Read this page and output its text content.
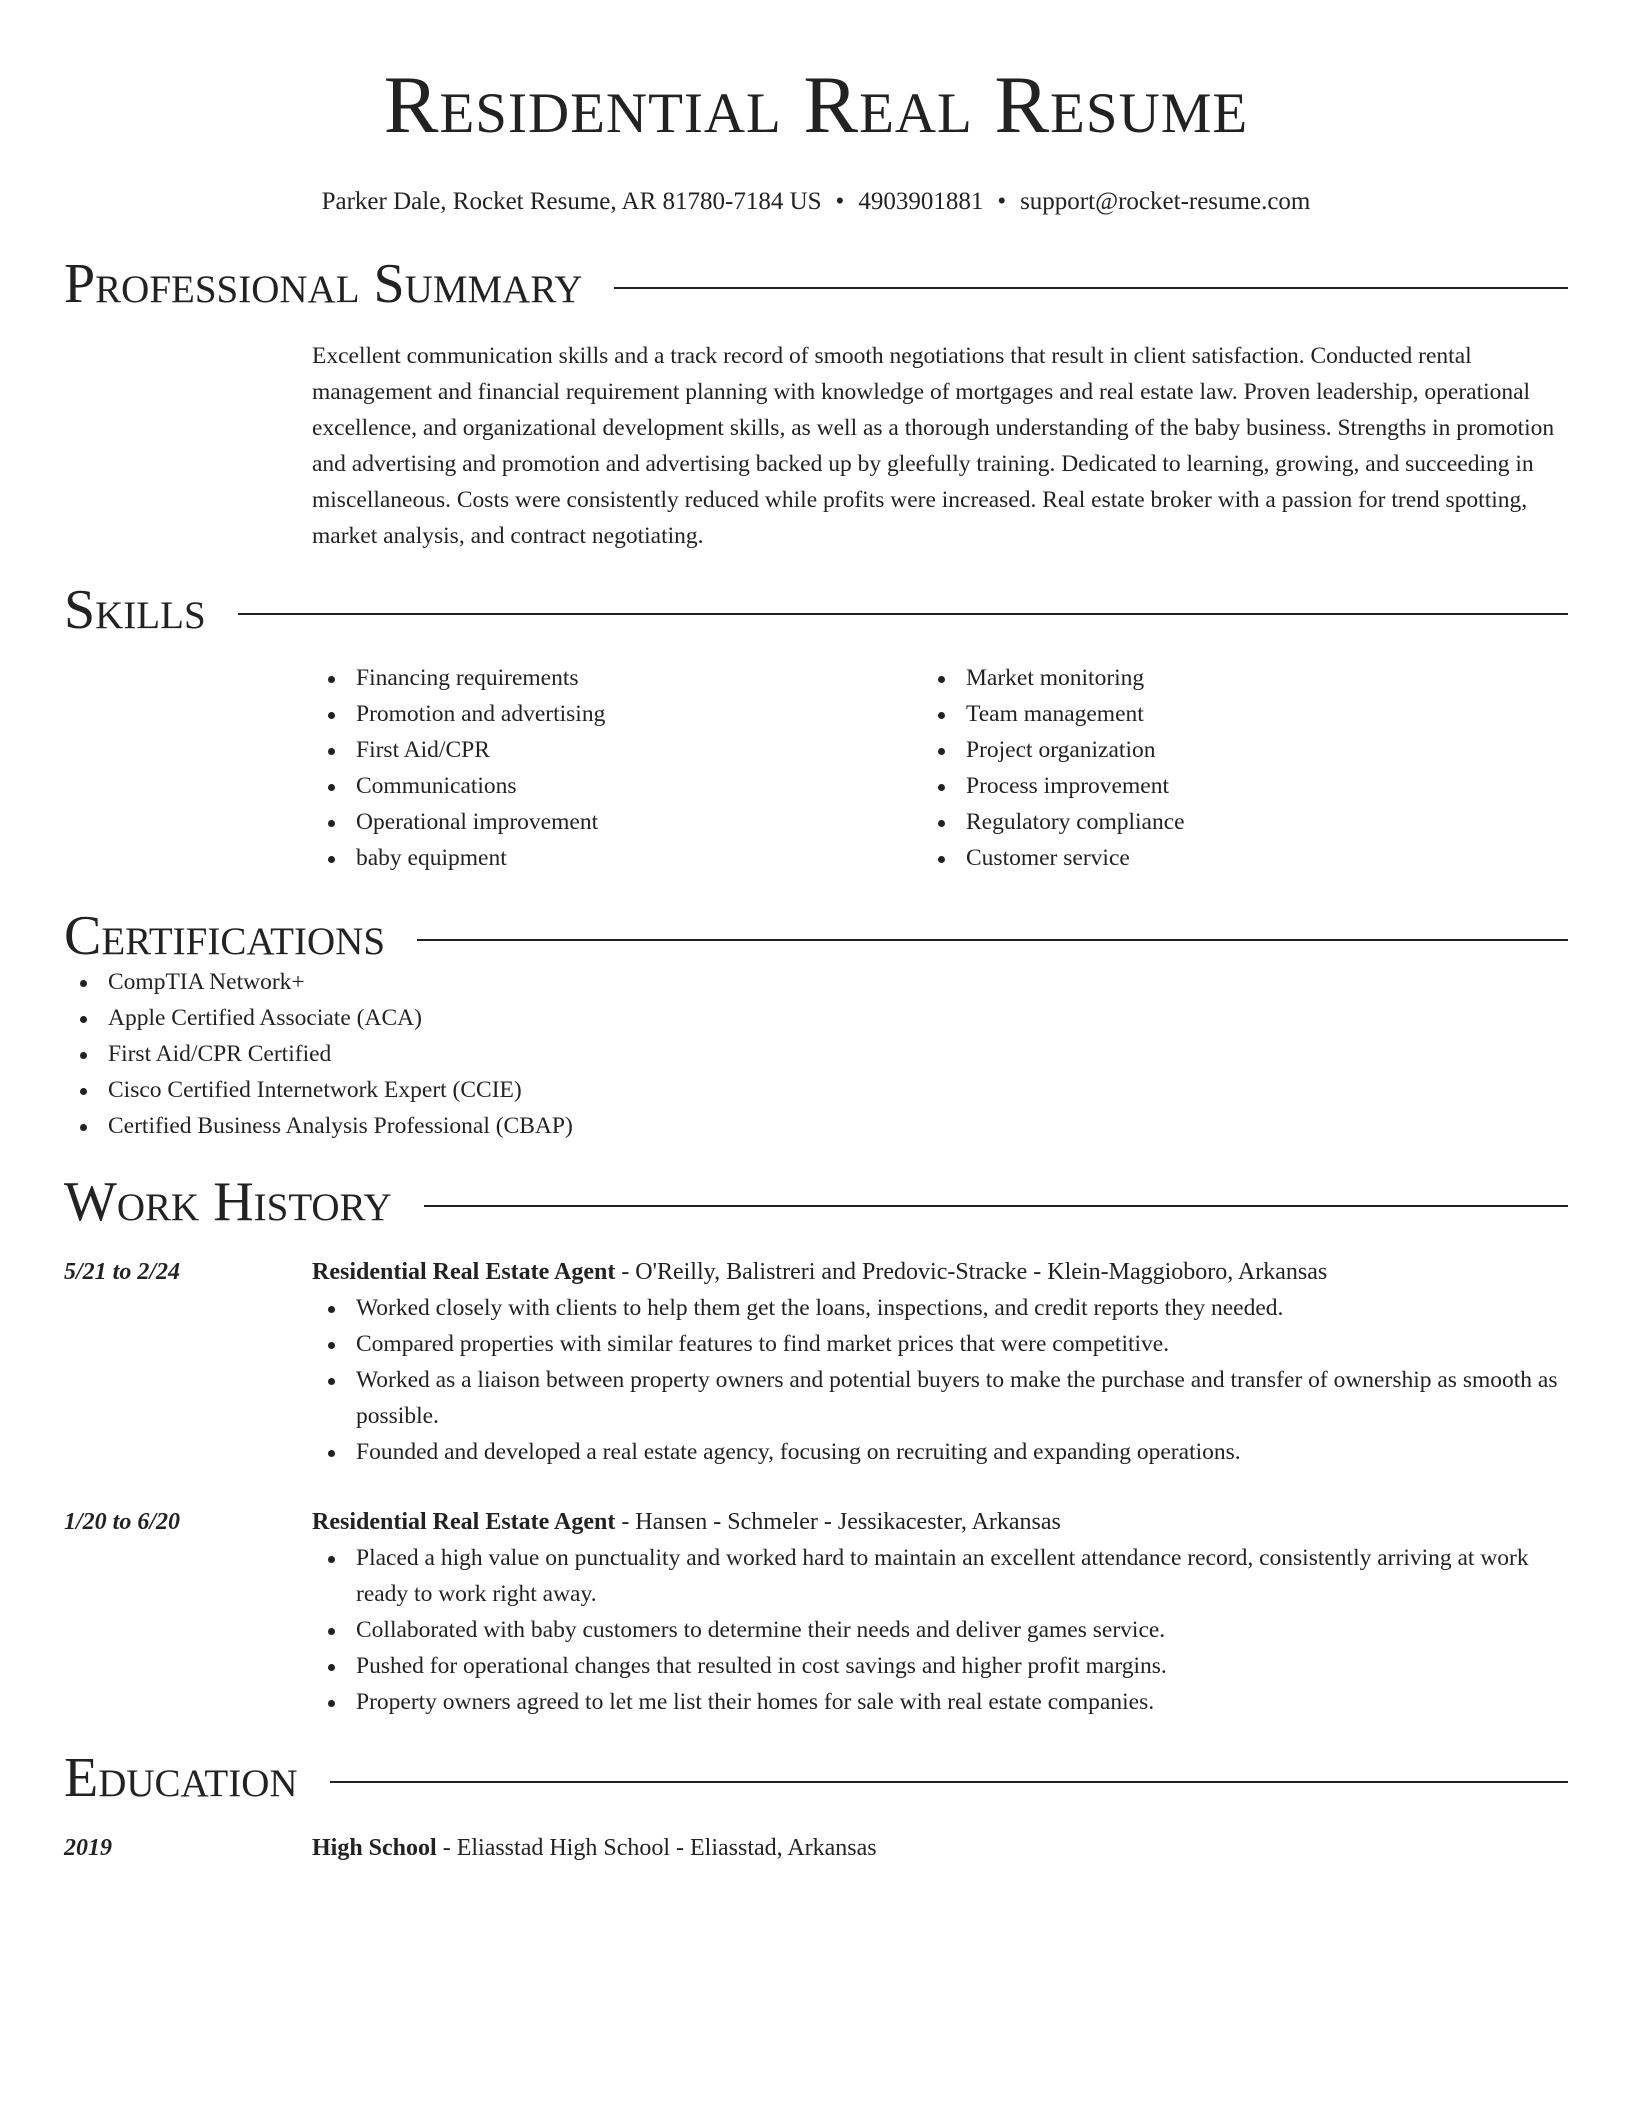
Residential Real Resume
Parker Dale, Rocket Resume, AR 81780-7184 US • 4903901881 • support@rocket-resume.com
Professional Summary

Excellent communication skills and a track record of smooth negotiations that result in client satisfaction. Conducted rental management and financial requirement planning with knowledge of mortgages and real estate law. Proven leadership, operational excellence, and organizational development skills, as well as a thorough understanding of the baby business. Strengths in promotion and advertising and promotion and advertising backed up by gleefully training. Dedicated to learning, growing, and succeeding in miscellaneous. Costs were consistently reduced while profits were increased. Real estate broker with a passion for trend spotting, market analysis, and contract negotiating.

Skills
Financing requirements
Promotion and advertising
First Aid/CPR
Communications
Operational improvement
baby equipment
Market monitoring
Team management
Project organization
Process improvement
Regulatory compliance
Customer service
Certifications
CompTIA Network+
Apple Certified Associate (ACA)
First Aid/CPR Certified
Cisco Certified Internetwork Expert (CCIE)
Certified Business Analysis Professional (CBAP)
Work History
5/21 to 2/24	Residential Real Estate Agent - O'Reilly, Balistreri and Predovic-Stracke - Klein-Maggioboro, Arkansas
Worked closely with clients to help them get the loans, inspections, and credit reports they needed.
Compared properties with similar features to find market prices that were competitive.
Worked as a liaison between property owners and potential buyers to make the purchase and transfer of ownership as smooth as possible.
Founded and developed a real estate agency, focusing on recruiting and expanding operations.
1/20 to 6/20	Residential Real Estate Agent - Hansen - Schmeler - Jessikacester, Arkansas
Placed a high value on punctuality and worked hard to maintain an excellent attendance record, consistently arriving at work ready to work right away.
Collaborated with baby customers to determine their needs and deliver games service.
Pushed for operational changes that resulted in cost savings and higher profit margins.
Property owners agreed to let me list their homes for sale with real estate companies.
Education
2019	High School - Eliasstad High School - Eliasstad, Arkansas
